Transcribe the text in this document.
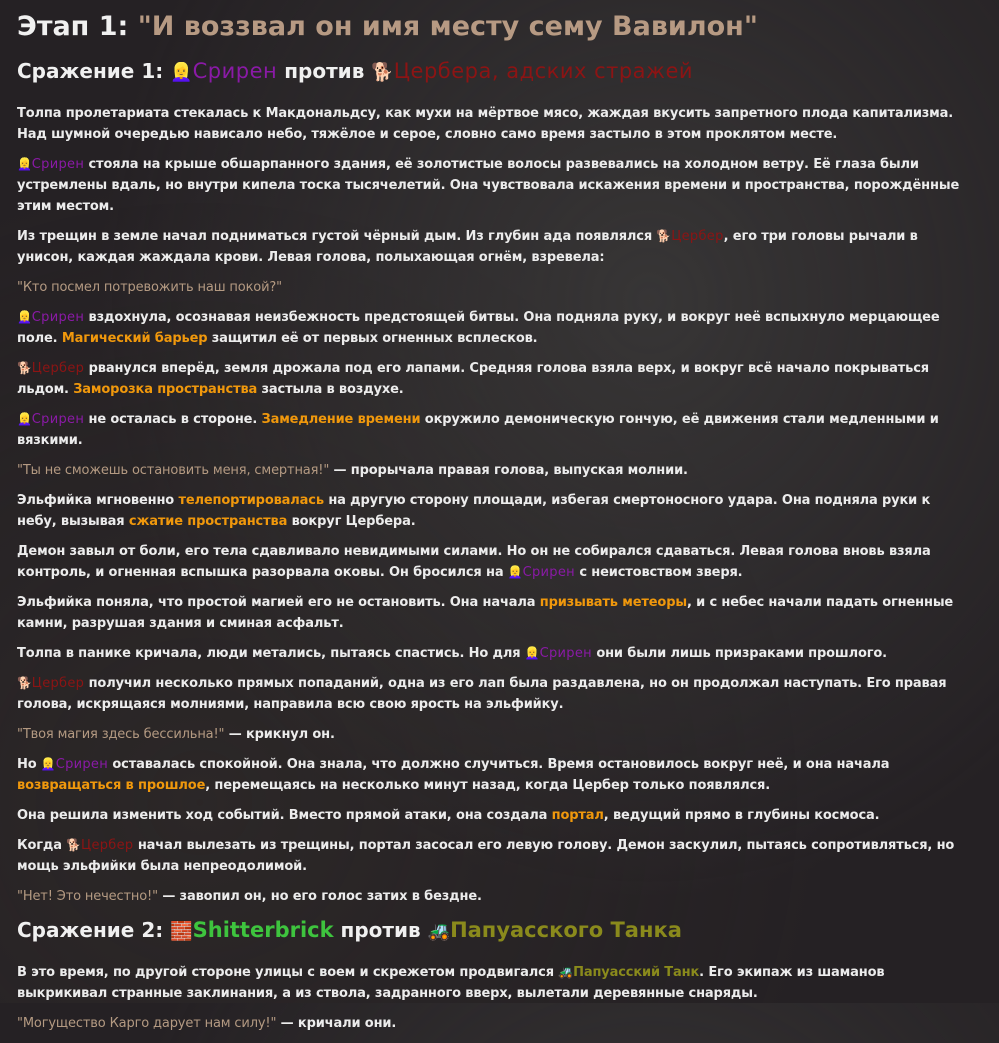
Этап 1: "И воззвал он имя месту сему Вавилон"
Сражение 1: 👱‍♀️Срирен против 🐕Цербера, адских стражей

Толпа пролетариата стекалась к Макдональдсу, как мухи на мёртвое мясо, жаждая вкусить запретного плода капитализма. Над шумной очередью нависало небо, тяжёлое и серое, словно само время застыло в этом проклятом месте.

👱‍♀️Срирен стояла на крыше обшарпанного здания, её золотистые волосы развевались на холодном ветру. Её глаза были устремлены вдаль, но внутри кипела тоска тысячелетий. Она чувствовала искажения времени и пространства, порождённые этим местом.

Из трещин в земле начал подниматься густой чёрный дым. Из глубин ада появлялся 🐕Цербер, его три головы рычали в унисон, каждая жаждала крови. Левая голова, полыхающая огнём, взревела:

"Кто посмел потревожить наш покой?"

👱‍♀️Срирен вздохнула, осознавая неизбежность предстоящей битвы. Она подняла руку, и вокруг неё вспыхнуло мерцающее поле. Магический барьер защитил её от первых огненных всплесков.

🐕Цербер рванулся вперёд, земля дрожала под его лапами. Средняя голова взяла верх, и вокруг всё начало покрываться льдом. Заморозка пространства застыла в воздухе.

👱‍♀️Срирен не осталась в стороне. Замедление времени окружило демоническую гончую, её движения стали медленными и вязкими.

"Ты не сможешь остановить меня, смертная!" — прорычала правая голова, выпуская молнии.

Эльфийка мгновенно телепортировалась на другую сторону площади, избегая смертоносного удара. Она подняла руки к небу, вызывая сжатие пространства вокруг Цербера.

Демон завыл от боли, его тела сдавливало невидимыми силами. Но он не собирался сдаваться. Левая голова вновь взяла контроль, и огненная вспышка разорвала оковы. Он бросился на 👱‍♀️Срирен с неистовством зверя.

Эльфийка поняла, что простой магией его не остановить. Она начала призывать метеоры, и с небес начали падать огненные камни, разрушая здания и сминая асфальт.

Толпа в панике кричала, люди метались, пытаясь спастись. Но для 👱‍♀️Срирен они были лишь призраками прошлого.

🐕Цербер получил несколько прямых попаданий, одна из его лап была раздавлена, но он продолжал наступать. Его правая голова, искрящаяся молниями, направила всю свою ярость на эльфийку.

"Твоя магия здесь бессильна!" — крикнул он.

Но 👱‍♀️Срирен оставалась спокойной. Она знала, что должно случиться. Время остановилось вокруг неё, и она начала возвращаться в прошлое, перемещаясь на несколько минут назад, когда Цербер только появлялся.

Она решила изменить ход событий. Вместо прямой атаки, она создала портал, ведущий прямо в глубины космоса.

Когда 🐕Цербер начал вылезать из трещины, портал засосал его левую голову. Демон заскулил, пытаясь сопротивляться, но мощь эльфийки была непреодолимой.

"Нет! Это нечестно!" — завопил он, но его голос затих в бездне.

Сражение 2: 🧱Shitterbrick против 🚜Папуасского Танка

В это время, по другой стороне улицы с воем и скрежетом продвигался 🚜Папуасский Танк. Его экипаж из шаманов выкрикивал странные заклинания, а из ствола, задранного вверх, вылетали деревянные снаряды.

"Могущество Карго дарует нам силу!" — кричали они.
